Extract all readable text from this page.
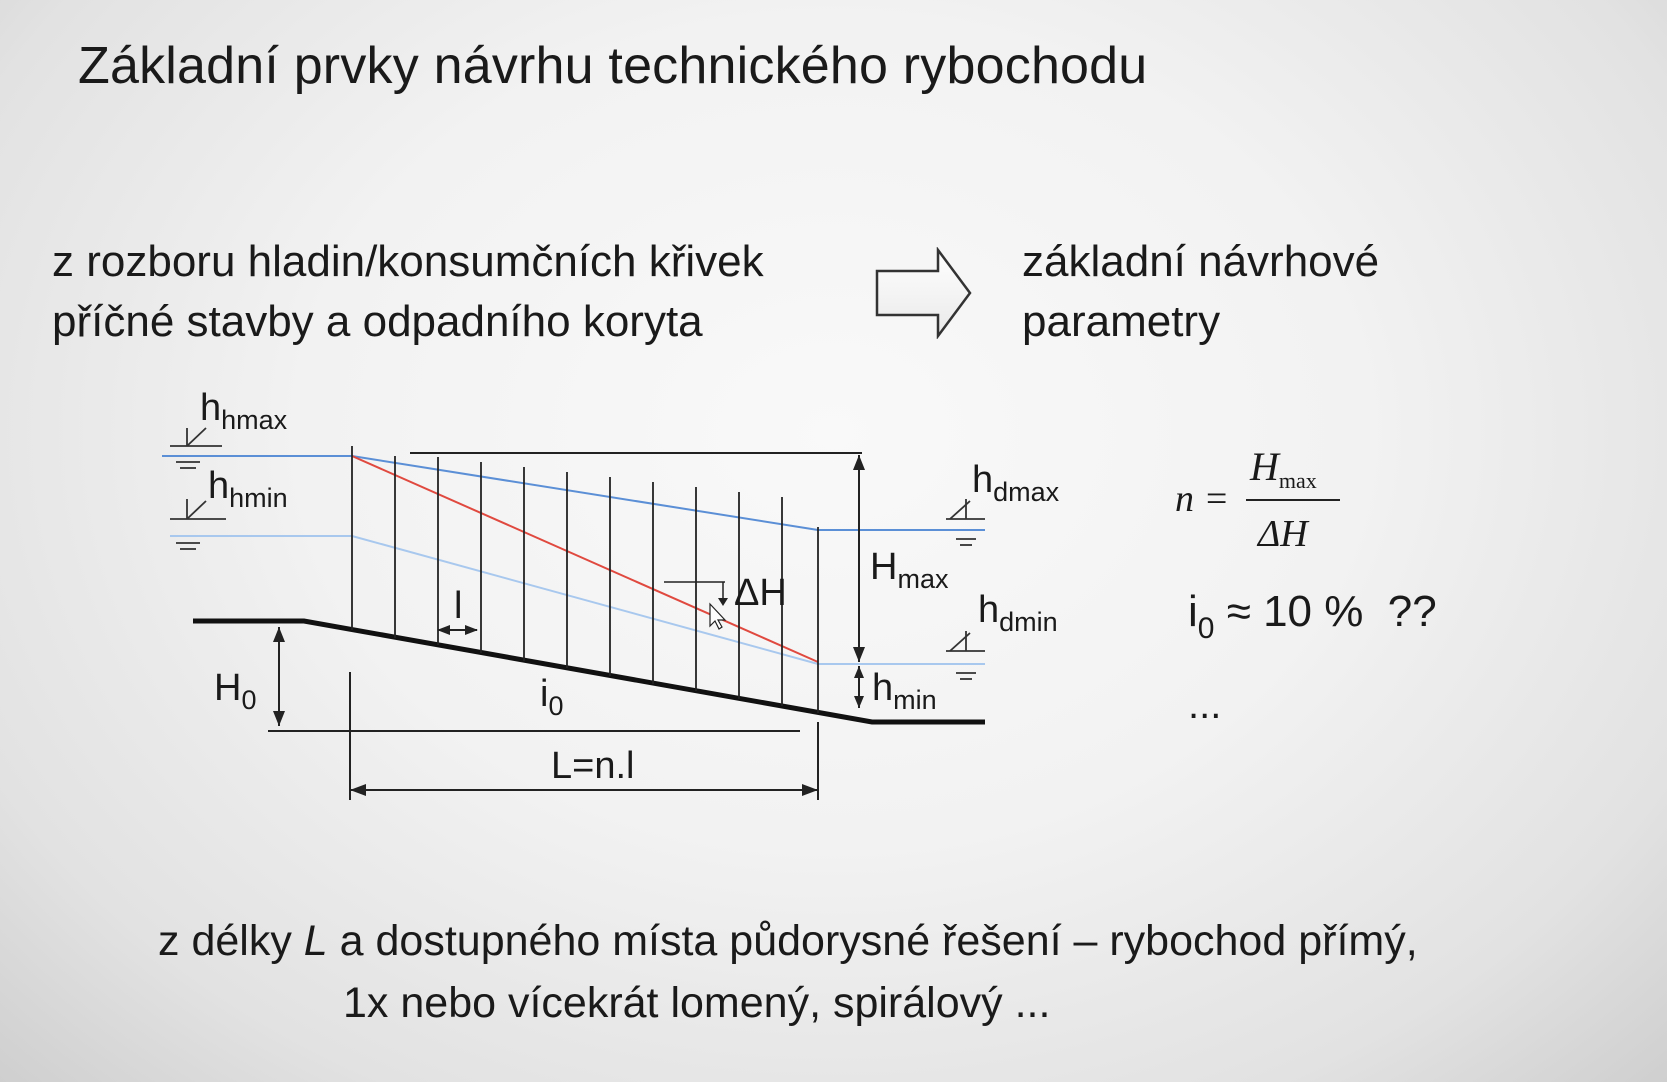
Základní prvky návrhu technického rybochodu
z rozboru hladin/konsumčních křivek
příčné stavby a odpadního koryta
základní návrhové
parametry
$h_{hmax}$
$h_{hmin}$	$h_{dmax}$
$h_{dmin}$
$H_{max}$
$h_{min}$
$H_0$	$i_0$
l	ΔH
L=n.l
n =
$H_{max}$
ΔH
$i_0 \approx 10$ %  ??
...
z délky L a dostupného místa půdorysné řešení – rybochod přímý,
1x nebo vícekrát lomený, spirálový ...
